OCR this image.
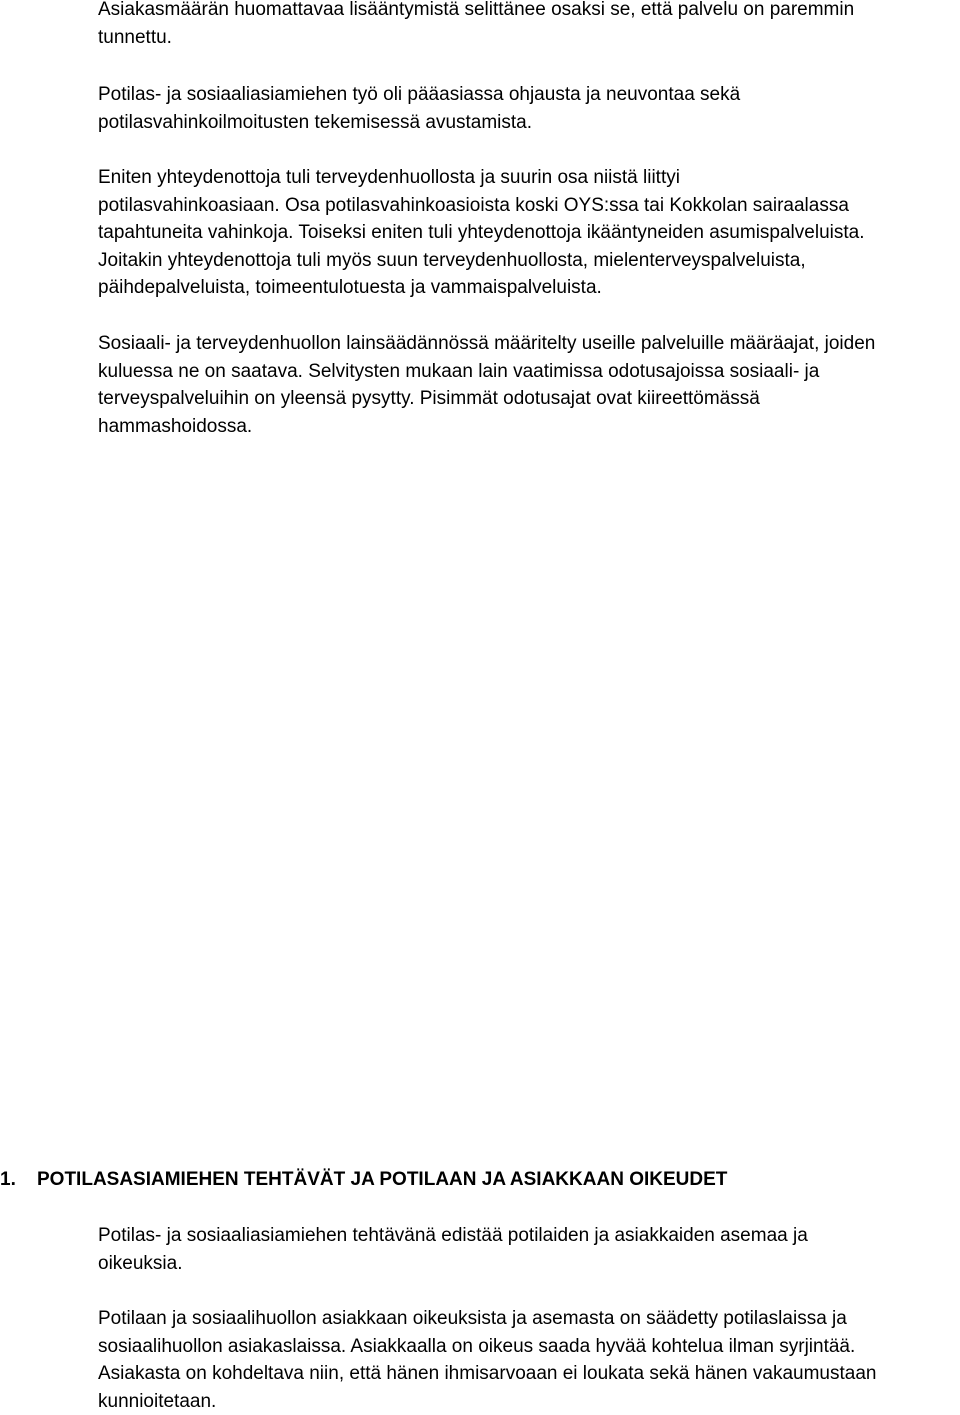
Asiakasmäärän huomattavaa lisääntymistä selittänee osaksi se, että palvelu on paremmin
tunnettu.

Potilas- ja sosiaaliasiamiehen työ oli pääasiassa ohjausta ja neuvontaa sekä
potilasvahinkoilmoitusten tekemisessä avustamista.

Eniten yhteydenottoja tuli terveydenhuollosta ja suurin osa niistä liittyi
potilasvahinkoasiaan. Osa potilasvahinkoasioista koski OYS:ssa tai Kokkolan sairaalassa
tapahtuneita vahinkoja. Toiseksi eniten tuli yhteydenottoja ikääntyneiden asumispalveluista.
Joitakin yhteydenottoja tuli myös suun terveydenhuollosta, mielenterveyspalveluista,
päihdepalveluista, toimeentulotuesta ja vammaispalveluista.

Sosiaali- ja terveydenhuollon lainsäädännössä määritelty useille palveluille määräajat, joiden
kuluessa ne on saatava. Selvitysten mukaan lain vaatimissa odotusajoissa sosiaali- ja
terveyspalveluihin on yleensä pysytty. Pisimmät odotusajat ovat kiireettömässä
hammashoidossa.

1. POTILASASIAMIEHEN TEHTÄVÄT JA POTILAAN JA ASIAKKAAN OIKEUDET

Potilas- ja sosiaaliasiamiehen tehtävänä edistää potilaiden ja asiakkaiden asemaa ja
oikeuksia.

Potilaan ja sosiaalihuollon asiakkaan oikeuksista ja asemasta on säädetty potilaslaissa ja
sosiaalihuollon asiakaslaissa. Asiakkaalla on oikeus saada hyvää kohtelua ilman syrjintää.
Asiakasta on kohdeltava niin, että hänen ihmisarvoaan ei loukata sekä hänen vakaumustaan
kunnioitetaan.
